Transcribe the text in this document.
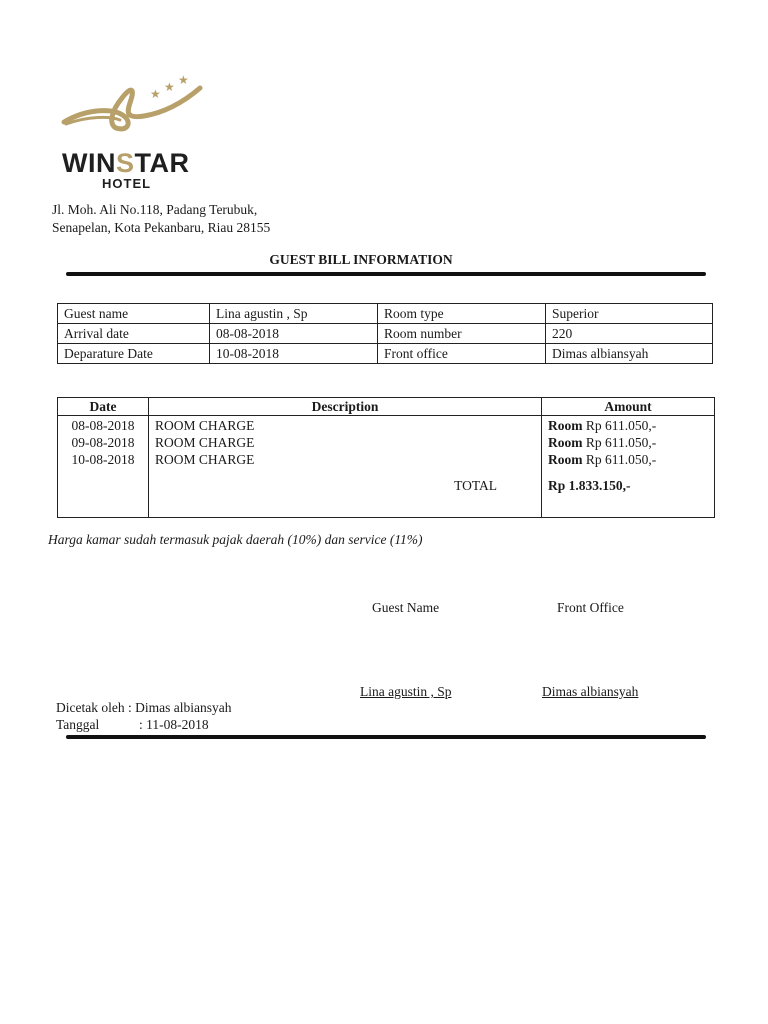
★ ★ ★
WINSTAR
HOTEL
Jl. Moh. Ali No.118, Padang Terubuk,
Senapelan, Kota Pekanbaru, Riau 28155
GUEST BILL INFORMATION
Guest name	Lina agustin , Sp	Room type	Superior
Arrival date	08-08-2018	Room number	220
Deparature Date	10-08-2018	Front office	Dimas albiansyah
Date	Description	Amount
08-08-2018	ROOM CHARGE	Room Rp 611.050,-
09-08-2018	ROOM CHARGE	Room Rp 611.050,-
10-08-2018	ROOM CHARGE	Room Rp 611.050,-
	TOTAL	Rp 1.833.150,-
Harga kamar sudah termasuk pajak daerah (10%) dan service (11%)
Guest Name	Front Office
Lina agustin , Sp	Dimas albiansyah
Dicetak oleh : Dimas albiansyah
Tanggal	: 11-08-2018
